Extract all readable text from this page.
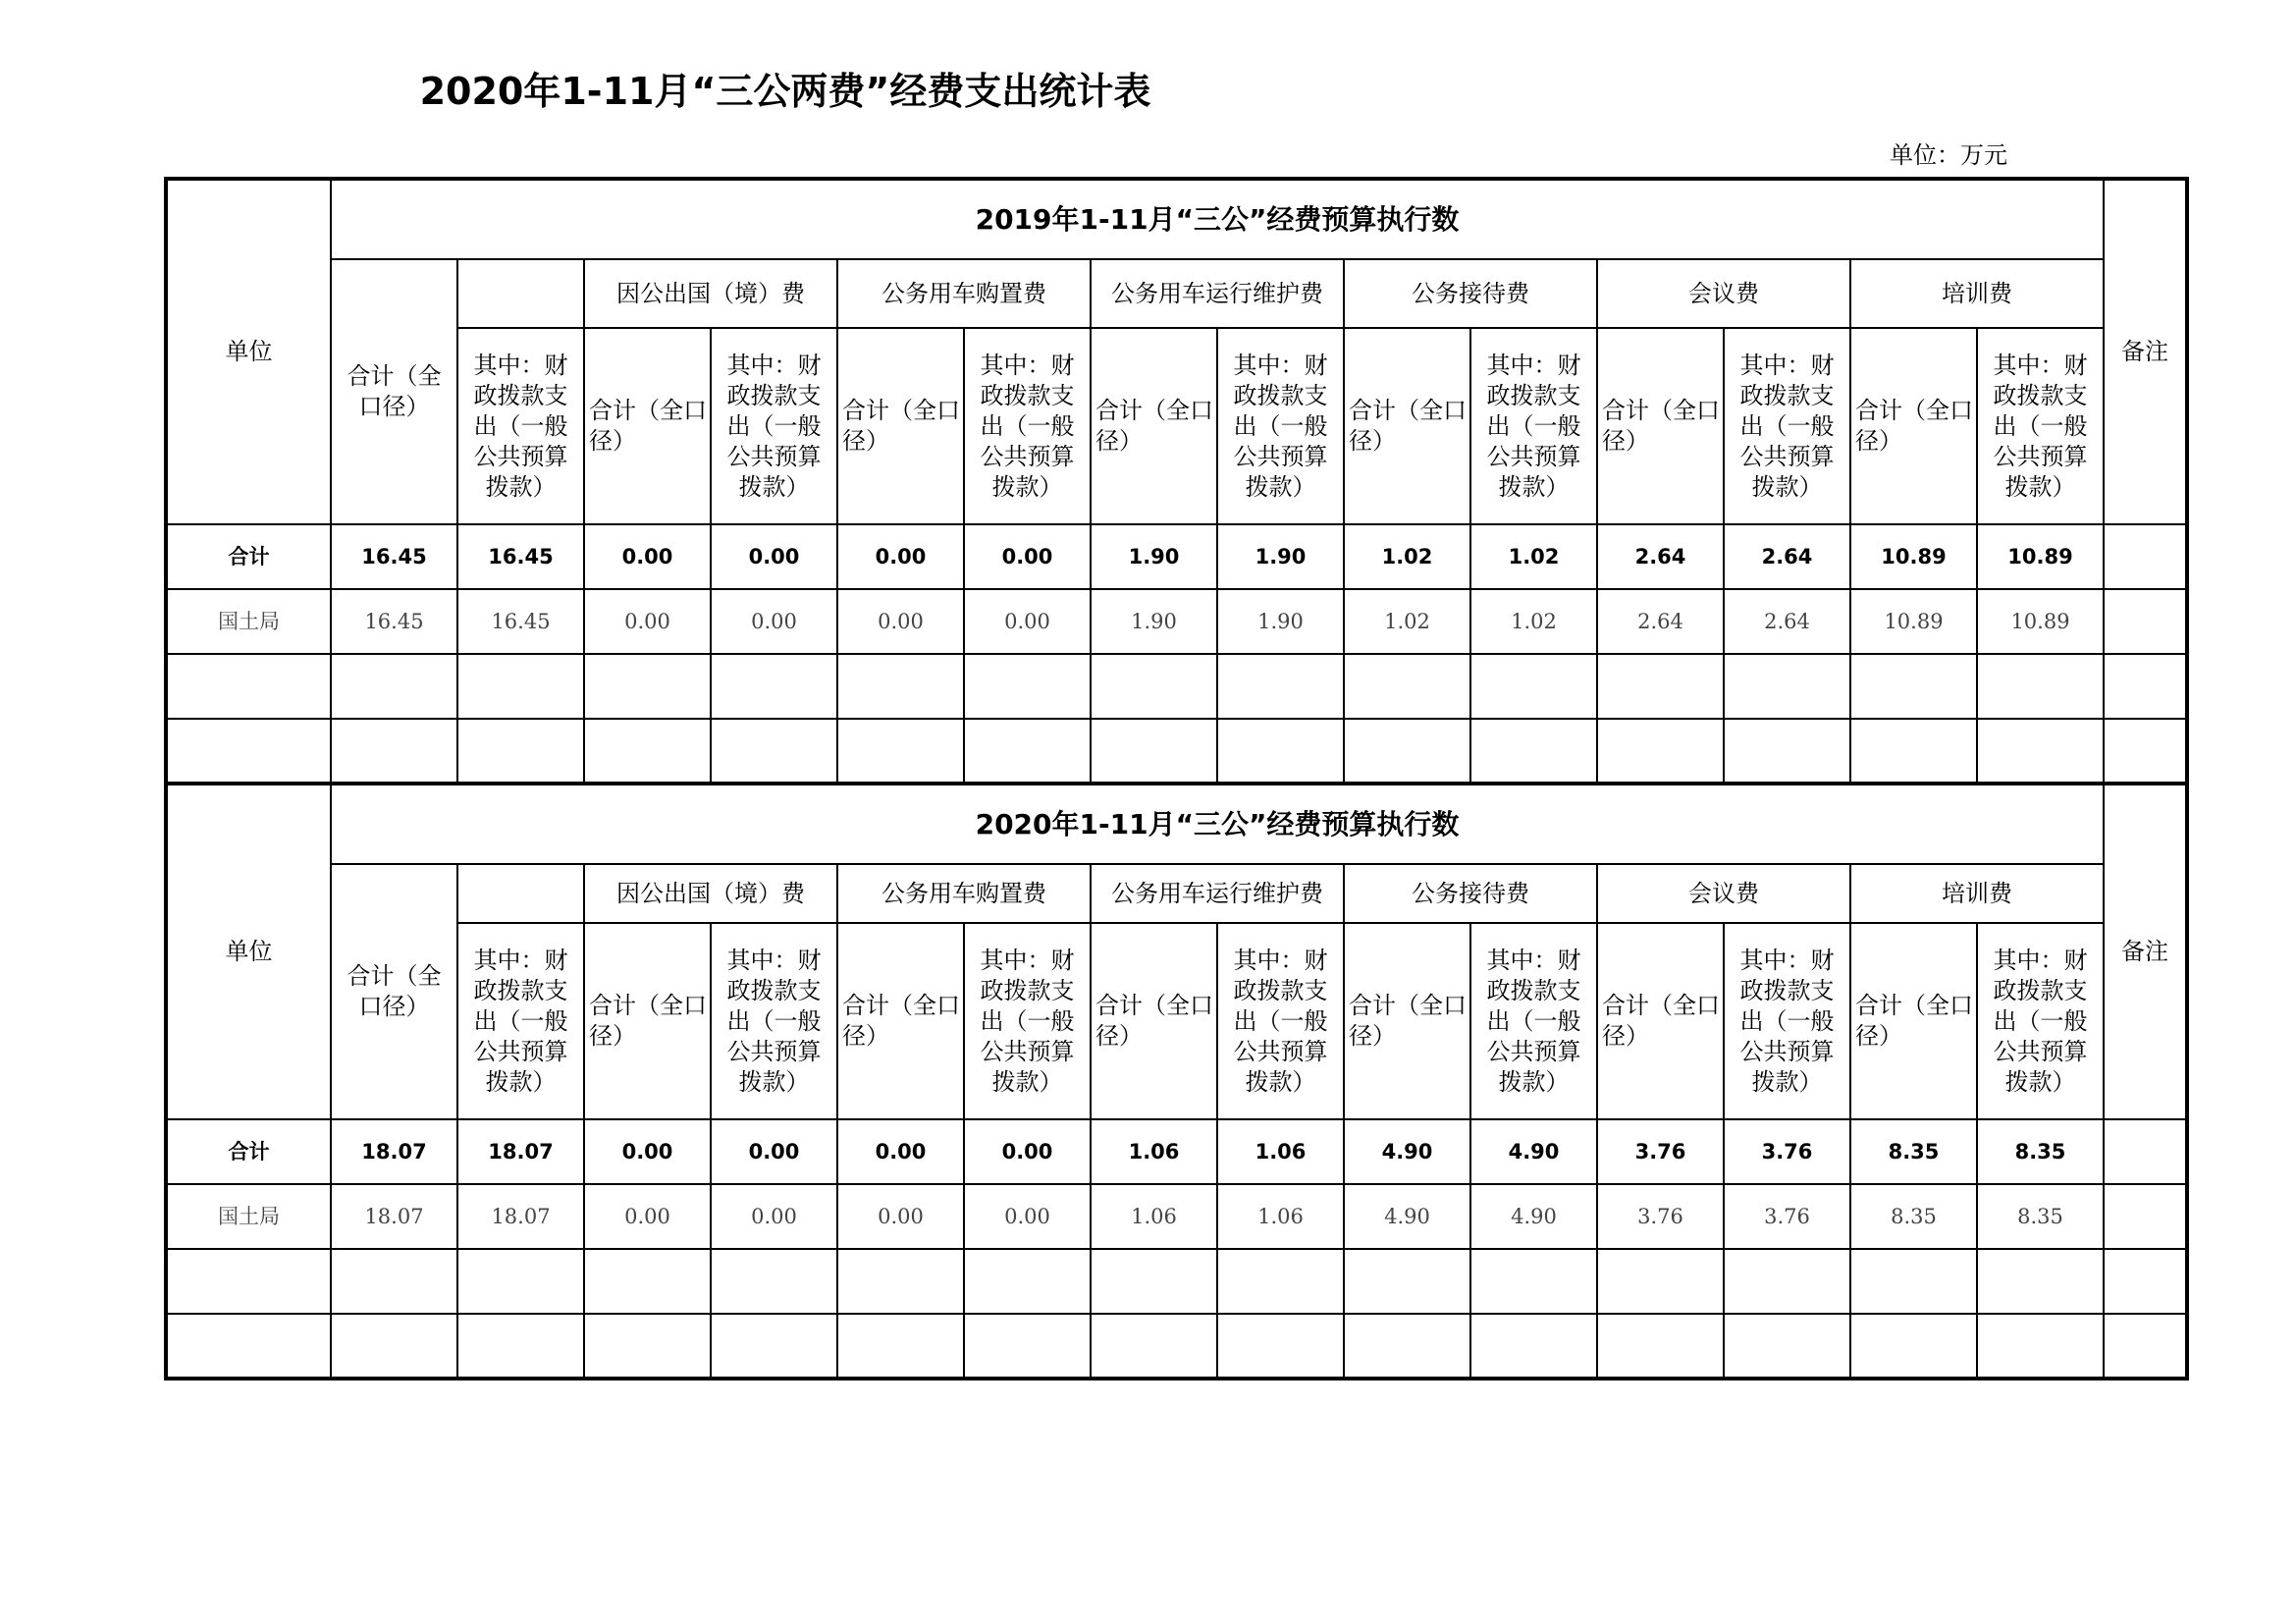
2020年1-11月“三公两费”经费支出统计表
单位：万元
单位	2019年1-11月“三公”经费预算执行数														备注
	合计（全口径）		因公出国（境）费		公务用车购置费		公务用车运行维护费		公务接待费		会议费		培训费		
		其中：财政拨款支出（一般公共预算拨款）	合计（全口径）	其中：财政拨款支出（一般公共预算拨款）	合计（全口径）	其中：财政拨款支出（一般公共预算拨款）	合计（全口径）	其中：财政拨款支出（一般公共预算拨款）	合计（全口径）	其中：财政拨款支出（一般公共预算拨款）	合计（全口径）	其中：财政拨款支出（一般公共预算拨款）	合计（全口径）	其中：财政拨款支出（一般公共预算拨款）	
合计	16.45	16.45	0.00	0.00	0.00	0.00	1.90	1.90	1.02	1.02	2.64	2.64	10.89	10.89	
国土局	16.45	16.45	0.00	0.00	0.00	0.00	1.90	1.90	1.02	1.02	2.64	2.64	10.89	10.89	

单位	2020年1-11月“三公”经费预算执行数														备注
	合计（全口径）		因公出国（境）费		公务用车购置费		公务用车运行维护费		公务接待费		会议费		培训费		
		其中：财政拨款支出（一般公共预算拨款）	合计（全口径）	其中：财政拨款支出（一般公共预算拨款）	合计（全口径）	其中：财政拨款支出（一般公共预算拨款）	合计（全口径）	其中：财政拨款支出（一般公共预算拨款）	合计（全口径）	其中：财政拨款支出（一般公共预算拨款）	合计（全口径）	其中：财政拨款支出（一般公共预算拨款）	合计（全口径）	其中：财政拨款支出（一般公共预算拨款）	
合计	18.07	18.07	0.00	0.00	0.00	0.00	1.06	1.06	4.90	4.90	3.76	3.76	8.35	8.35	
国土局	18.07	18.07	0.00	0.00	0.00	0.00	1.06	1.06	4.90	4.90	3.76	3.76	8.35	8.35	
